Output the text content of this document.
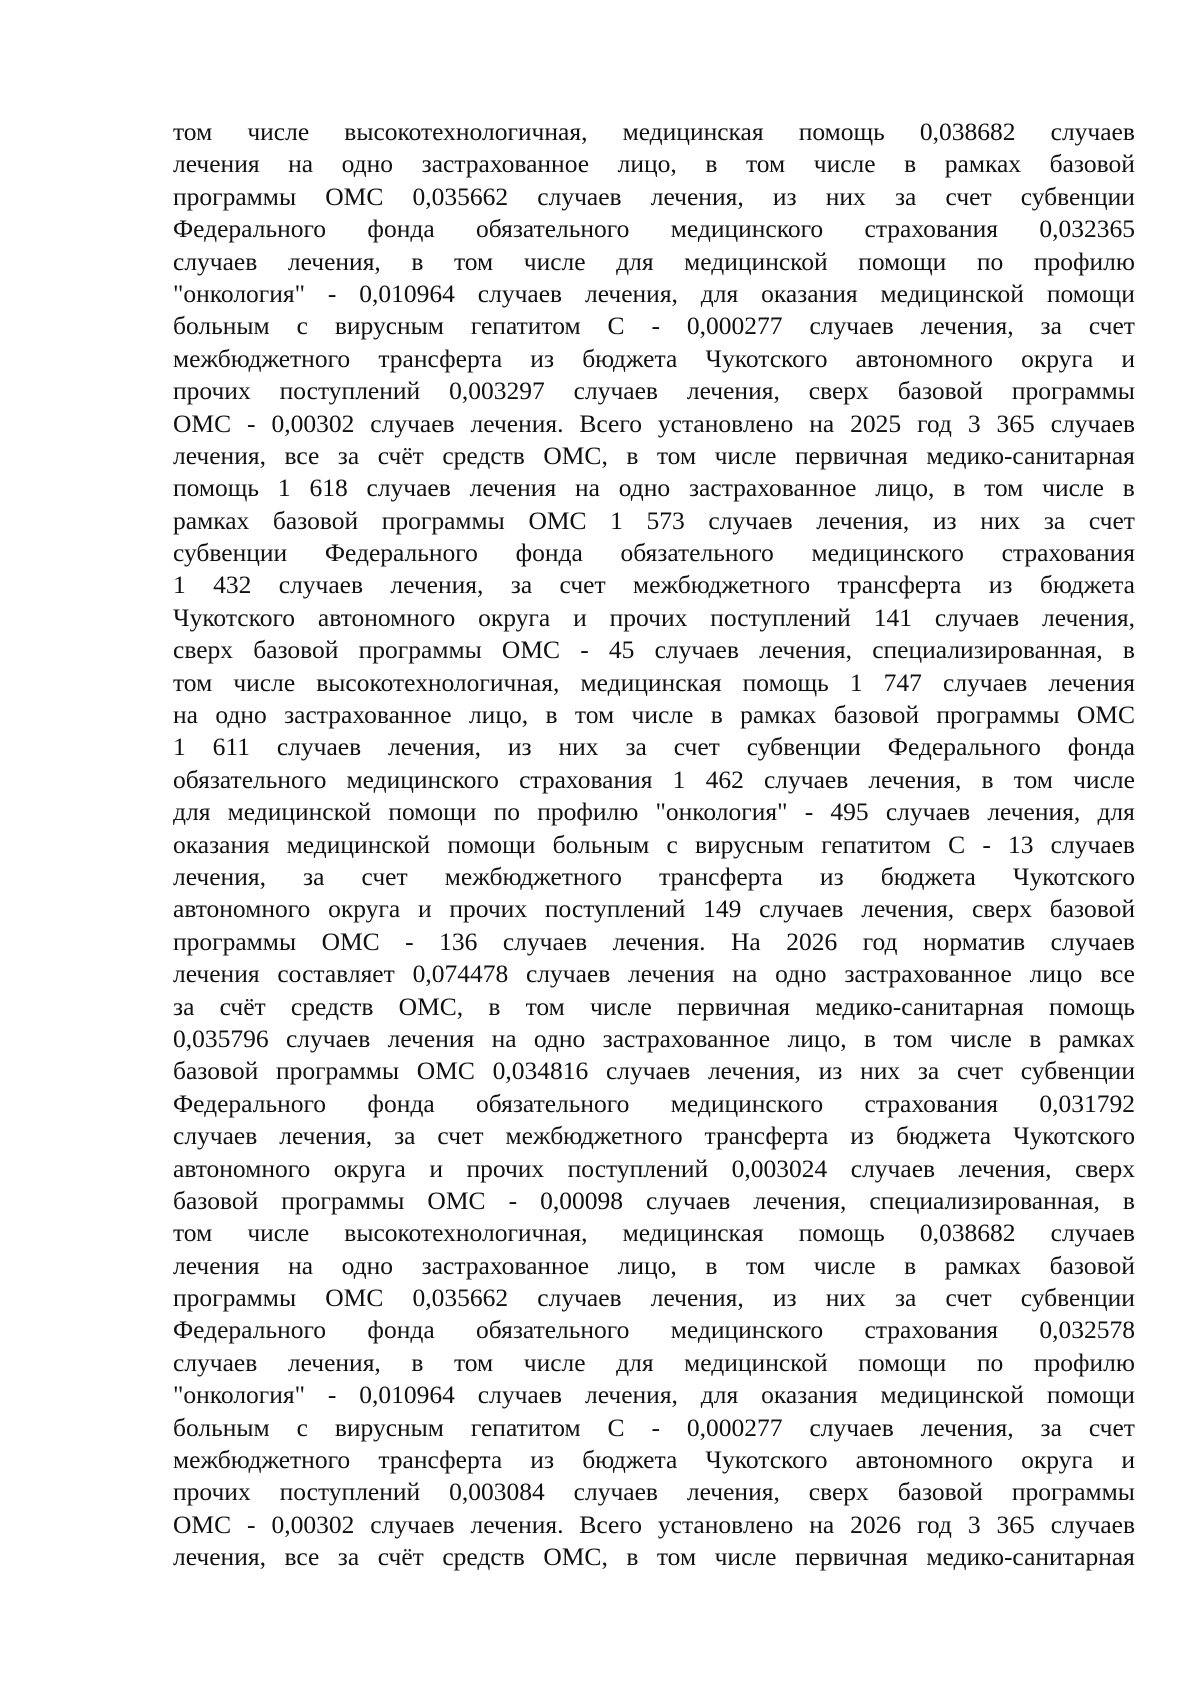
том числе высокотехнологичная, медицинская помощь 0,038682 случаев
лечения на одно застрахованное лицо, в том числе в рамках базовой
программы ОМС 0,035662 случаев лечения, из них за счет субвенции
Федерального фонда обязательного медицинского страхования 0,032365
случаев лечения, в том числе для медицинской помощи по профилю
"онкология" - 0,010964 случаев лечения, для оказания медицинской помощи
больным с вирусным гепатитом С - 0,000277 случаев лечения, за счет
межбюджетного трансферта из бюджета Чукотского автономного округа и
прочих поступлений 0,003297 случаев лечения, сверх базовой программы
ОМС - 0,00302 случаев лечения. Всего установлено на 2025 год 3 365 случаев
лечения, все за счёт средств ОМС, в том числе первичная медико-санитарная
помощь 1 618 случаев лечения на одно застрахованное лицо, в том числе в
рамках базовой программы ОМС 1 573 случаев лечения, из них за счет
субвенции Федерального фонда обязательного медицинского страхования
1 432 случаев лечения, за счет межбюджетного трансферта из бюджета
Чукотского автономного округа и прочих поступлений 141 случаев лечения,
сверх базовой программы ОМС - 45 случаев лечения, специализированная, в
том числе высокотехнологичная, медицинская помощь 1 747 случаев лечения
на одно застрахованное лицо, в том числе в рамках базовой программы ОМС
1 611 случаев лечения, из них за счет субвенции Федерального фонда
обязательного медицинского страхования 1 462 случаев лечения, в том числе
для медицинской помощи по профилю "онкология" - 495 случаев лечения, для
оказания медицинской помощи больным с вирусным гепатитом С - 13 случаев
лечения, за счет межбюджетного трансферта из бюджета Чукотского
автономного округа и прочих поступлений 149 случаев лечения, сверх базовой
программы ОМС - 136 случаев лечения. На 2026 год норматив случаев
лечения составляет 0,074478 случаев лечения на одно застрахованное лицо все
за счёт средств ОМС, в том числе первичная медико-санитарная помощь
0,035796 случаев лечения на одно застрахованное лицо, в том числе в рамках
базовой программы ОМС 0,034816 случаев лечения, из них за счет субвенции
Федерального фонда обязательного медицинского страхования 0,031792
случаев лечения, за счет межбюджетного трансферта из бюджета Чукотского
автономного округа и прочих поступлений 0,003024 случаев лечения, сверх
базовой программы ОМС - 0,00098 случаев лечения, специализированная, в
том числе высокотехнологичная, медицинская помощь 0,038682 случаев
лечения на одно застрахованное лицо, в том числе в рамках базовой
программы ОМС 0,035662 случаев лечения, из них за счет субвенции
Федерального фонда обязательного медицинского страхования 0,032578
случаев лечения, в том числе для медицинской помощи по профилю
"онкология" - 0,010964 случаев лечения, для оказания медицинской помощи
больным с вирусным гепатитом С - 0,000277 случаев лечения, за счет
межбюджетного трансферта из бюджета Чукотского автономного округа и
прочих поступлений 0,003084 случаев лечения, сверх базовой программы
ОМС - 0,00302 случаев лечения. Всего установлено на 2026 год 3 365 случаев
лечения, все за счёт средств ОМС, в том числе первичная медико-санитарная
